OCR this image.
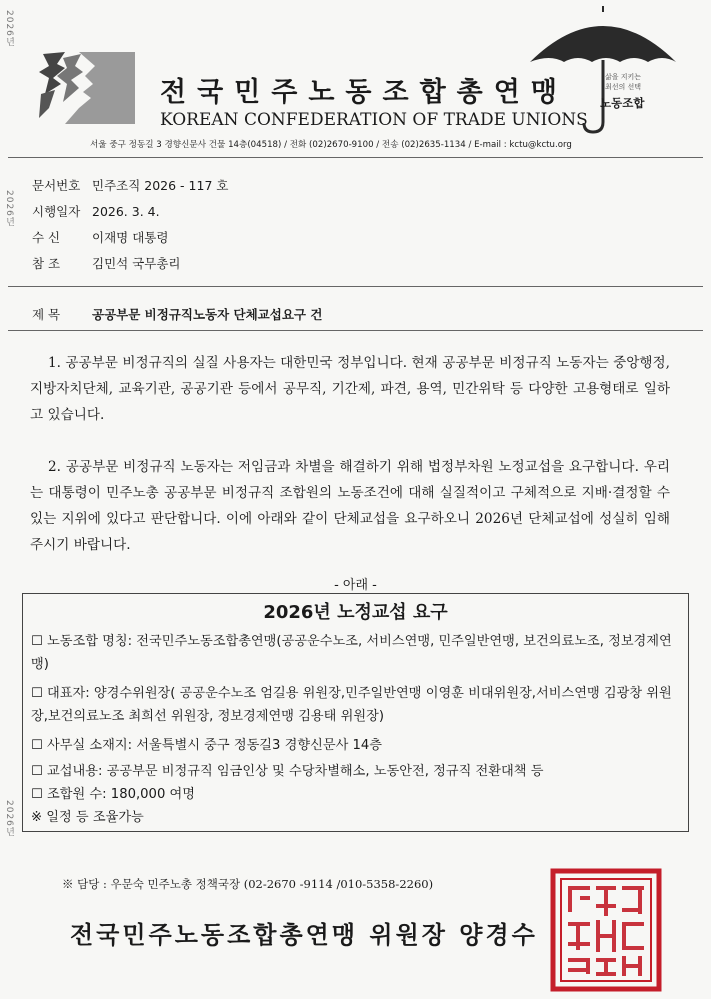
2026년
2026년
2026년
전국민주노동조합총연맹
KOREAN CONFEDERATION OF TRADE UNIONS
서울 중구 정동길 3 경향신문사 건물 14층(04518) / 전화 (02)2670-9100 / 전송 (02)2635-1134 / E-mail : kctu@kctu.org
삶을 지키는
최선의 선택
노동조합
문서번호 민주조직 2026 - 117 호
시행일자 2026. 3. 4.
수 신	이재명 대통령
참 조	김민석 국무총리
제 목	공공부문 비정규직노동자 단체교섭요구 건
1. 공공부문 비정규직의 실질 사용자는 대한민국 정부입니다. 현재 공공부문 비정규직 노동자는 중앙행정, 지방자치단체, 교육기관, 공공기관 등에서 공무직, 기간제, 파견, 용역, 민간위탁 등 다양한 고용형태로 일하고 있습니다.
2. 공공부문 비정규직 노동자는 저임금과 차별을 해결하기 위해 법정부차원 노정교섭을 요구합니다. 우리는 대통령이 민주노총 공공부문 비정규직 조합원의 노동조건에 대해 실질적이고 구체적으로 지배·결정할 수 있는 지위에 있다고 판단합니다. 이에 아래와 같이 단체교섭을 요구하오니 2026년 단체교섭에 성실히 임해 주시기 바랍니다.
- 아래 -
2026년 노정교섭 요구
☐ 노동조합 명칭: 전국민주노동조합총연맹(공공운수노조, 서비스연맹, 민주일반연맹, 보건의료노조, 정보경제연맹)
☐ 대표자: 양경수위원장( 공공운수노조 엄길용 위원장,민주일반연맹 이영훈 비대위원장,서비스연맹 김광창 위원장,보건의료노조 최희선 위원장, 정보경제연맹 김용태 위원장)
☐ 사무실 소재지: 서울특별시 중구 정동길3 경향신문사 14층
☐ 교섭내용: 공공부문 비정규직 임금인상 및 수당차별해소, 노동안전, 정규직 전환대책 등
☐ 조합원 수: 180,000 여명
※ 일정 등 조율가능
※ 담당 : 우문숙 민주노총 정책국장 (02-2670 -9114 /010-5358-2260)
전국민주노동조합총연맹 위원장 양경수
